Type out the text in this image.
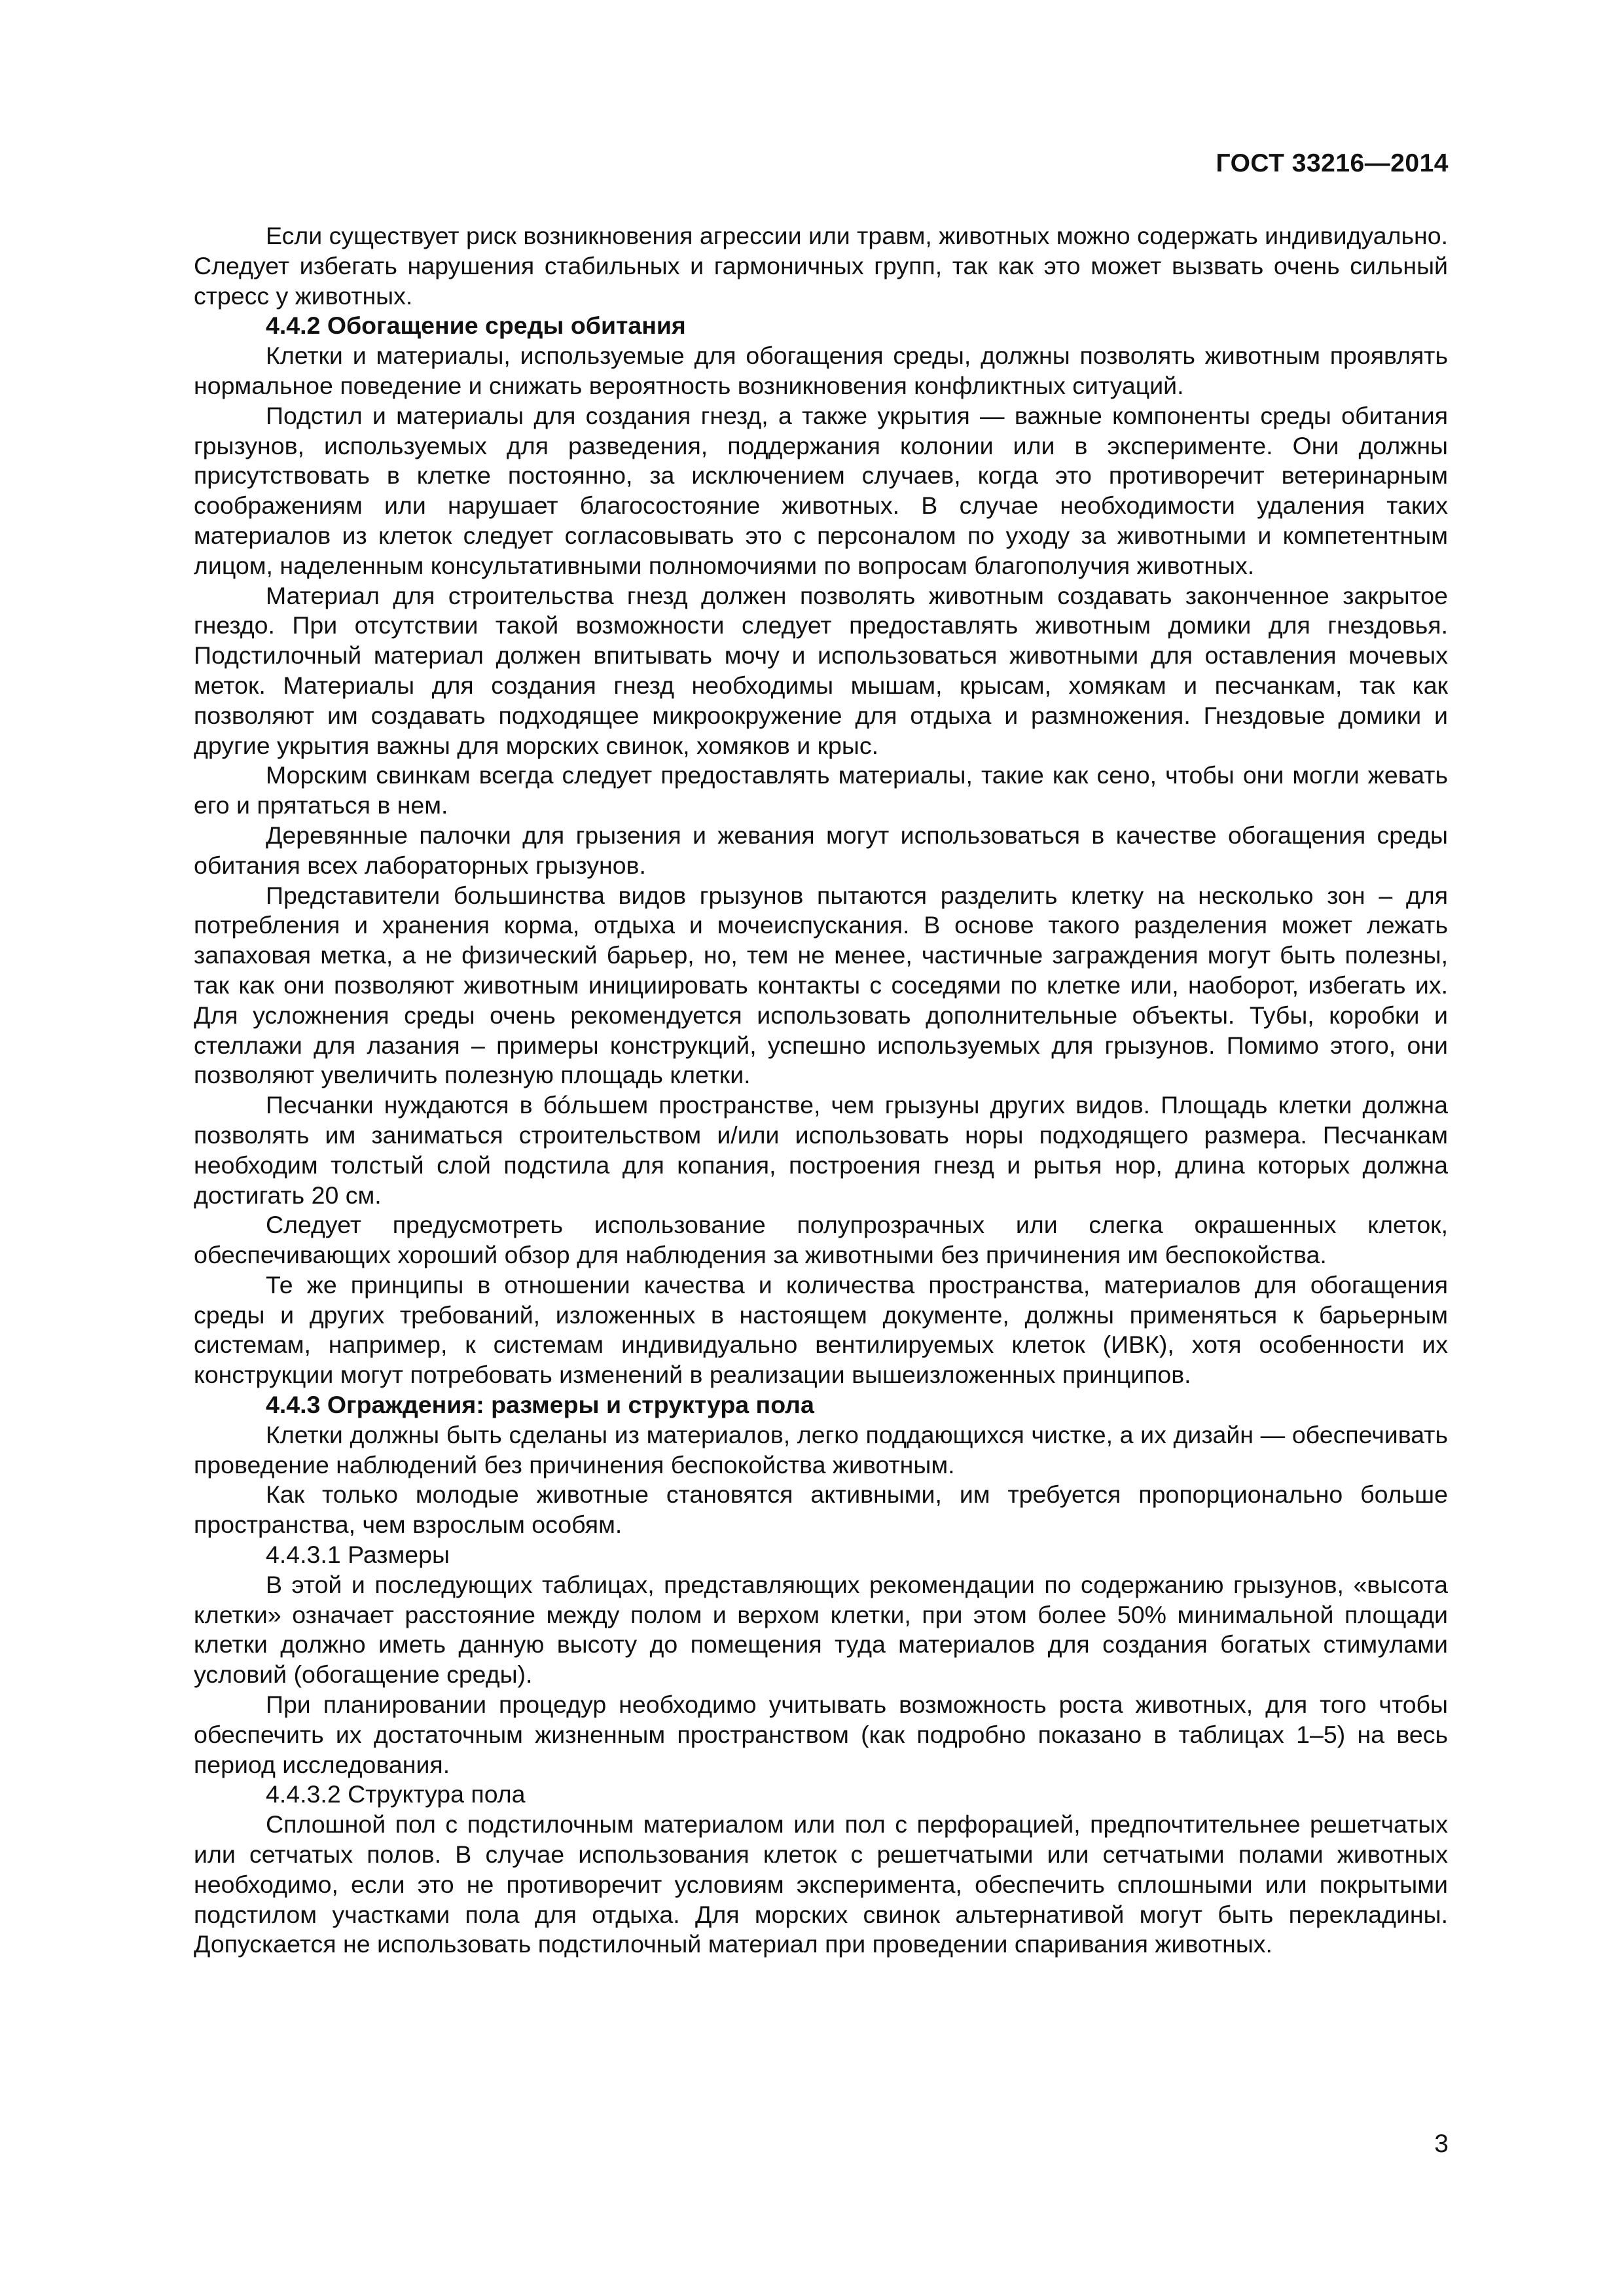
ГОСТ 33216—2014

Если существует риск возникновения агрессии или травм, животных можно содержать индивидуально. Следует избегать нарушения стабильных и гармоничных групп, так как это может вызвать очень сильный стресс у животных.

4.4.2 Обогащение среды обитания

Клетки и материалы, используемые для обогащения среды, должны позволять животным проявлять нормальное поведение и снижать вероятность возникновения конфликтных ситуаций.

Подстил и материалы для создания гнезд, а также укрытия — важные компоненты среды обитания грызунов, используемых для разведения, поддержания колонии или в эксперименте. Они должны присутствовать в клетке постоянно, за исключением случаев, когда это противоречит ветеринарным соображениям или нарушает благосостояние животных. В случае необходимости удаления таких материалов из клеток следует согласовывать это с персоналом по уходу за животными и компетентным лицом, наделенным консультативными полномочиями по вопросам благополучия животных.

Материал для строительства гнезд должен позволять животным создавать законченное закрытое гнездо. При отсутствии такой возможности следует предоставлять животным домики для гнездовья. Подстилочный материал должен впитывать мочу и использоваться животными для оставления мочевых меток. Материалы для создания гнезд необходимы мышам, крысам, хомякам и песчанкам, так как позволяют им создавать подходящее микроокружение для отдыха и размножения. Гнездовые домики и другие укрытия важны для морских свинок, хомяков и крыс.

Морским свинкам всегда следует предоставлять материалы, такие как сено, чтобы они могли жевать его и прятаться в нем.

Деревянные палочки для грызения и жевания могут использоваться в качестве обогащения среды обитания всех лабораторных грызунов.

Представители большинства видов грызунов пытаются разделить клетку на несколько зон – для потребления и хранения корма, отдыха и мочеиспускания. В основе такого разделения может лежать запаховая метка, а не физический барьер, но, тем не менее, частичные заграждения могут быть полезны, так как они позволяют животным инициировать контакты с соседями по клетке или, наоборот, избегать их. Для усложнения среды очень рекомендуется использовать дополнительные объекты. Тубы, коробки и стеллажи для лазания – примеры конструкций, успешно используемых для грызунов. Помимо этого, они позволяют увеличить полезную площадь клетки.

Песчанки нуждаются в бóльшем пространстве, чем грызуны других видов. Площадь клетки должна позволять им заниматься строительством и/или использовать норы подходящего размера. Песчанкам необходим толстый слой подстила для копания, построения гнезд и рытья нор, длина которых должна достигать 20 см.

Следует предусмотреть использование полупрозрачных или слегка окрашенных клеток, обеспечивающих хороший обзор для наблюдения за животными без причинения им беспокойства.

Те же принципы в отношении качества и количества пространства, материалов для обогащения среды и других требований, изложенных в настоящем документе, должны применяться к барьерным системам, например, к системам индивидуально вентилируемых клеток (ИВК), хотя особенности их конструкции могут потребовать изменений в реализации вышеизложенных принципов.

4.4.3 Ограждения: размеры и структура пола

Клетки должны быть сделаны из материалов, легко поддающихся чистке, а их дизайн — обеспечивать проведение наблюдений без причинения беспокойства животным.

Как только молодые животные становятся активными, им требуется пропорционально больше пространства, чем взрослым особям.

4.4.3.1 Размеры

В этой и последующих таблицах, представляющих рекомендации по содержанию грызунов, «высота клетки» означает расстояние между полом и верхом клетки, при этом более 50% минимальной площади клетки должно иметь данную высоту до помещения туда материалов для создания богатых стимулами условий (обогащение среды).

При планировании процедур необходимо учитывать возможность роста животных, для того чтобы обеспечить их достаточным жизненным пространством (как подробно показано в таблицах 1–5) на весь период исследования.

4.4.3.2 Структура пола

Сплошной пол с подстилочным материалом или пол с перфорацией, предпочтительнее решетчатых или сетчатых полов. В случае использования клеток с решетчатыми или сетчатыми полами животных необходимо, если это не противоречит условиям эксперимента, обеспечить сплошными или покрытыми подстилом участками пола для отдыха. Для морских свинок альтернативой могут быть перекладины. Допускается не использовать подстилочный материал при проведении спаривания животных.

3
